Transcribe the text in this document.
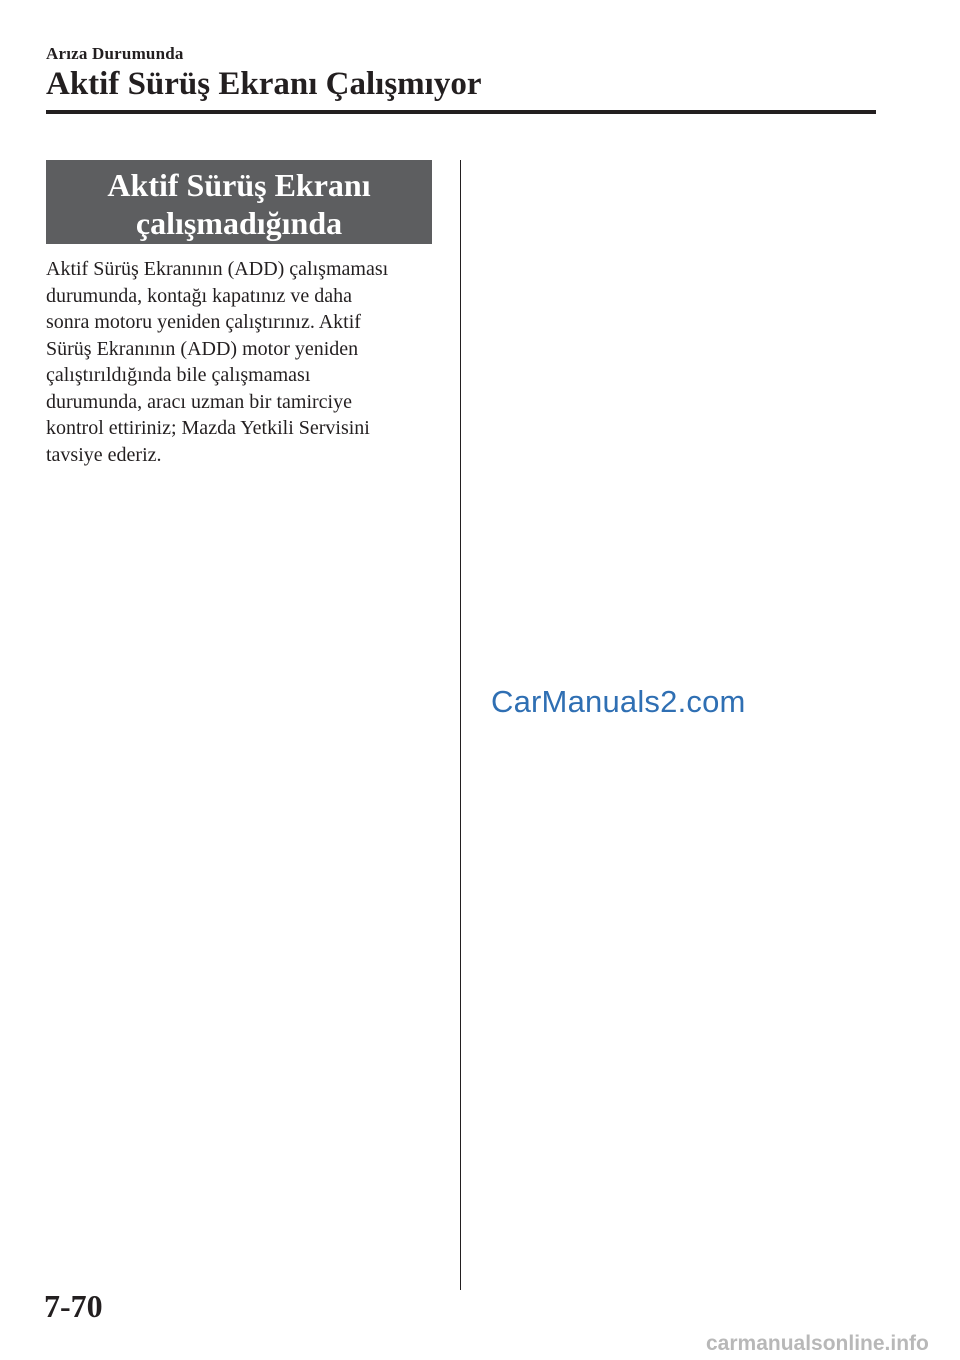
Arıza Durumunda
Aktif Sürüş Ekranı Çalışmıyor
Aktif Sürüş Ekranı
çalışmadığında
Aktif Sürüş Ekranının (ADD) çalışmaması
durumunda, kontağı kapatınız ve daha
sonra motoru yeniden çalıştırınız. Aktif
Sürüş Ekranının (ADD) motor yeniden
çalıştırıldığında bile çalışmaması
durumunda, aracı uzman bir tamirciye
kontrol ettiriniz; Mazda Yetkili Servisini
tavsiye ederiz.
CarManuals2.com
7-70
carmanualsonline.info
